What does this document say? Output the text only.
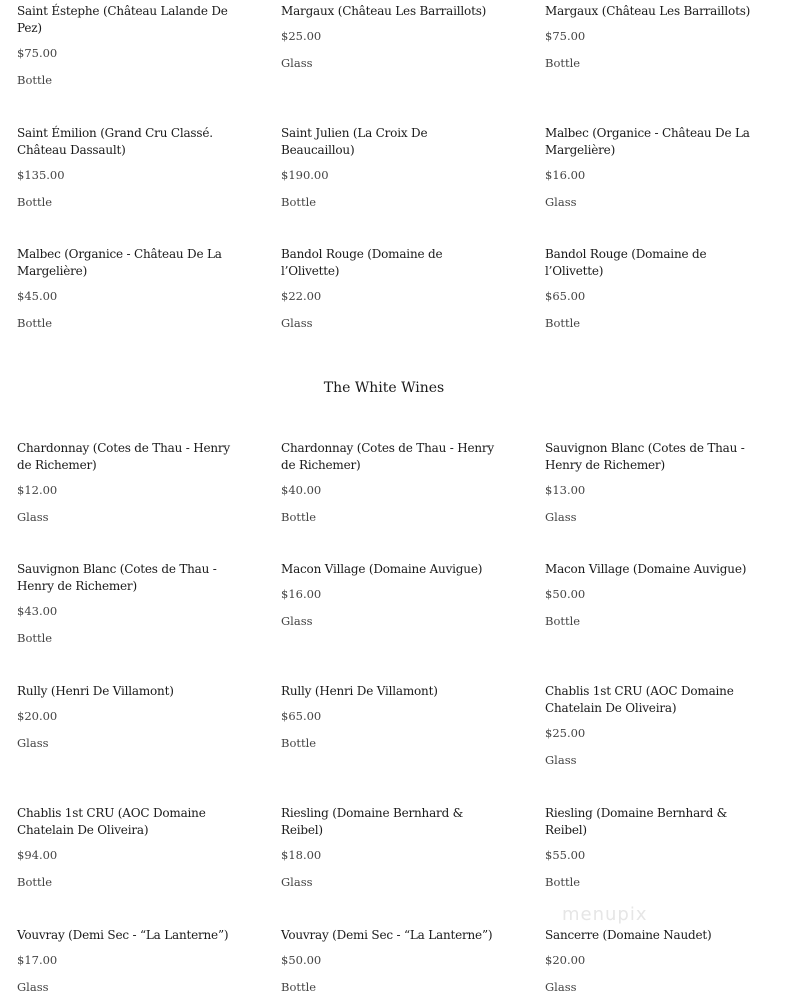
Saint Éstephe (Château Lalande De Pez)
$75.00
Bottle
Margaux (Château Les Barraillots)
$25.00
Glass
Margaux (Château Les Barraillots)
$75.00
Bottle
Saint Émilion (Grand Cru Classé. Château Dassault)
$135.00
Bottle
Saint Julien (La Croix De Beaucaillou)
$190.00
Bottle
Malbec (Organice - Château De La Margelière)
$16.00
Glass
Malbec (Organice - Château De La Margelière)
$45.00
Bottle
Bandol Rouge (Domaine de l’Olivette)
$22.00
Glass
Bandol Rouge (Domaine de l’Olivette)
$65.00
Bottle
The White Wines
Chardonnay (Cotes de Thau - Henry de Richemer)
$12.00
Glass
Chardonnay (Cotes de Thau - Henry de Richemer)
$40.00
Bottle
Sauvignon Blanc (Cotes de Thau - Henry de Richemer)
$13.00
Glass
Sauvignon Blanc (Cotes de Thau - Henry de Richemer)
$43.00
Bottle
Macon Village (Domaine Auvigue)
$16.00
Glass
Macon Village (Domaine Auvigue)
$50.00
Bottle
Rully (Henri De Villamont)
$20.00
Glass
Rully (Henri De Villamont)
$65.00
Bottle
Chablis 1st CRU (AOC Domaine Chatelain De Oliveira)
$25.00
Glass
Chablis 1st CRU (AOC Domaine Chatelain De Oliveira)
$94.00
Bottle
Riesling (Domaine Bernhard & Reibel)
$18.00
Glass
Riesling (Domaine Bernhard & Reibel)
$55.00
Bottle
Vouvray (Demi Sec - “La Lanterne”)
$17.00
Glass
Vouvray (Demi Sec - “La Lanterne”)
$50.00
Bottle
Sancerre (Domaine Naudet)
$20.00
Glass
menupix
